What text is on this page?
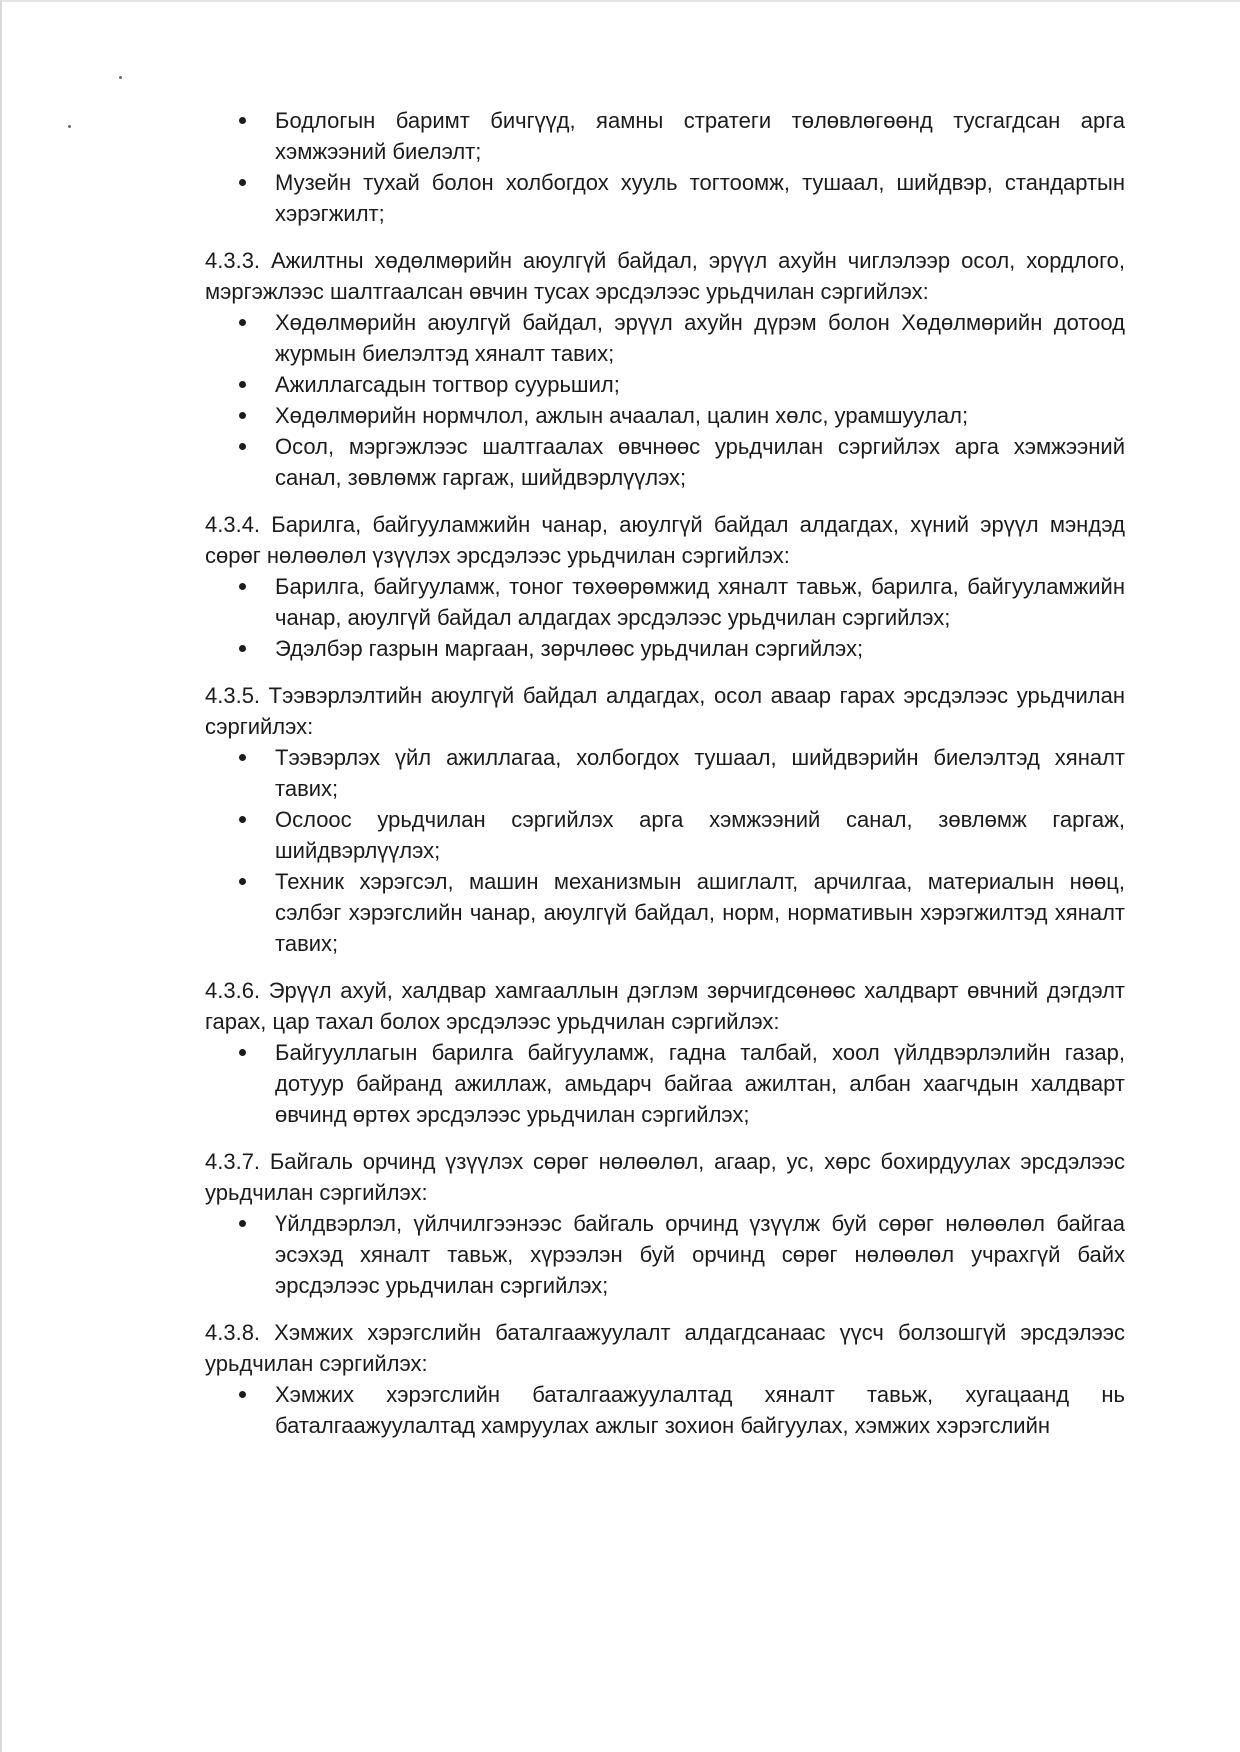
Бодлогын баримт бичгүүд, яамны стратеги төлөвлөгөөнд тусгагдсан арга хэмжээний биелэлт;
Музейн тухай болон холбогдох хууль тогтоомж, тушаал, шийдвэр, стандартын хэрэгжилт;
4.3.3. Ажилтны хөдөлмөрийн аюулгүй байдал, эрүүл ахуйн чиглэлээр осол, хордлого, мэргэжлээс шалтгаалсан өвчин тусах эрсдэлээс урьдчилан сэргийлэх:
Хөдөлмөрийн аюулгүй байдал, эрүүл ахуйн дүрэм болон Хөдөлмөрийн дотоод журмын биелэлтэд хяналт тавих;
Ажиллагсадын тогтвор суурьшил;
Хөдөлмөрийн нормчлол, ажлын ачаалал, цалин хөлс, урамшуулал;
Осол, мэргэжлээс шалтгаалах өвчнөөс урьдчилан сэргийлэх арга хэмжээний санал, зөвлөмж гаргаж, шийдвэрлүүлэх;
4.3.4. Барилга, байгууламжийн чанар, аюулгүй байдал алдагдах, хүний эрүүл мэндэд сөрөг нөлөөлөл үзүүлэх эрсдэлээс урьдчилан сэргийлэх:
Барилга, байгууламж, тоног төхөөрөмжид хяналт тавьж, барилга, байгууламжийн чанар, аюулгүй байдал алдагдах эрсдэлээс урьдчилан сэргийлэх;
Эдэлбэр газрын маргаан, зөрчлөөс урьдчилан сэргийлэх;
4.3.5. Тээвэрлэлтийн аюулгүй байдал алдагдах, осол аваар гарах эрсдэлээс урьдчилан сэргийлэх:
Тээвэрлэх үйл ажиллагаа, холбогдох тушаал, шийдвэрийн биелэлтэд хяналт тавих;
Ослоос урьдчилан сэргийлэх арга хэмжээний санал, зөвлөмж гаргаж, шийдвэрлүүлэх;
Техник хэрэгсэл, машин механизмын ашиглалт, арчилгаа, материалын нөөц, сэлбэг хэрэгслийн чанар, аюулгүй байдал, норм, нормативын хэрэгжилтэд хяналт тавих;
4.3.6. Эрүүл ахуй, халдвар хамгааллын дэглэм зөрчигдсөнөөс халдварт өвчний дэгдэлт гарах, цар тахал болох эрсдэлээс урьдчилан сэргийлэх:
Байгууллагын барилга байгууламж, гадна талбай, хоол үйлдвэрлэлийн газар, дотуур байранд ажиллаж, амьдарч байгаа ажилтан, албан хаагчдын халдварт өвчинд өртөх эрсдэлээс урьдчилан сэргийлэх;
4.3.7. Байгаль орчинд үзүүлэх сөрөг нөлөөлөл, агаар, ус, хөрс бохирдуулах эрсдэлээс урьдчилан сэргийлэх:
Үйлдвэрлэл, үйлчилгээнээс байгаль орчинд үзүүлж буй сөрөг нөлөөлөл байгаа эсэхэд хяналт тавьж, хүрээлэн буй орчинд сөрөг нөлөөлөл учрахгүй байх эрсдэлээс урьдчилан сэргийлэх;
4.3.8. Хэмжих хэрэгслийн баталгаажуулалт алдагдсанаас үүсч болзошгүй эрсдэлээс урьдчилан сэргийлэх:
Хэмжих хэрэгслийн баталгаажуулалтад хяналт тавьж, хугацаанд нь баталгаажуулалтад хамруулах ажлыг зохион байгуулах, хэмжих хэрэгслийн
